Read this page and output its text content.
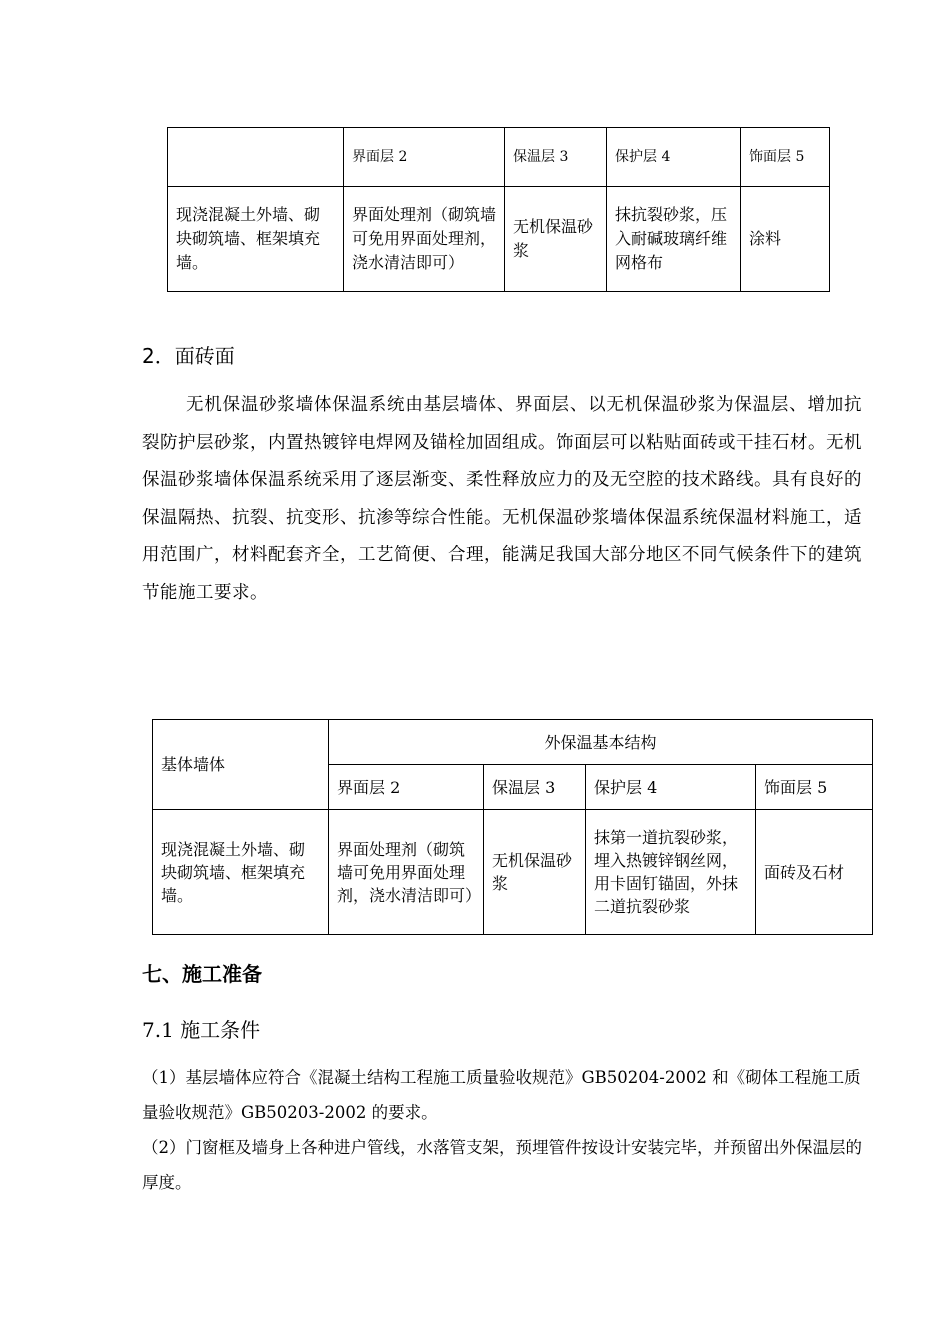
	界面层 2	保温层 3	保护层 4	饰面层 5
现浇混凝土外墙、砌块砌筑墙、框架填充墙。	界面处理剂（砌筑墙可免用界面处理剂，浇水清洁即可）	无机保温砂浆	抹抗裂砂浆，压入耐碱玻璃纤维网格布	涂料
2．面砖面

无机保温砂浆墙体保温系统由基层墙体、界面层、以无机保温砂浆为保温层、增加抗裂防护层砂浆，内置热镀锌电焊网及锚栓加固组成。饰面层可以粘贴面砖或干挂石材。无机保温砂浆墙体保温系统采用了逐层渐变、柔性释放应力的及无空腔的技术路线。具有良好的保温隔热、抗裂、抗变形、抗渗等综合性能。无机保温砂浆墙体保温系统保温材料施工，适用范围广，材料配套齐全，工艺简便、合理，能满足我国大部分地区不同气候条件下的建筑节能施工要求。

基体墙体	外保温基本结构			
	界面层 2	保温层 3	保护层 4	饰面层 5
现浇混凝土外墙、砌块砌筑墙、框架填充墙。	界面处理剂（砌筑墙可免用界面处理剂，浇水清洁即可）	无机保温砂浆	抹第一道抗裂砂浆，埋入热镀锌钢丝网，用卡固钉锚固，外抹二道抗裂砂浆	面砖及石材
七、施工准备
7.1 施工条件

（1）基层墙体应符合《混凝土结构工程施工质量验收规范》GB50204-2002 和《砌体工程施工质量验收规范》GB50203-2002 的要求。

（2）门窗框及墙身上各种进户管线，水落管支架，预埋管件按设计安装完毕，并预留出外保温层的厚度。
